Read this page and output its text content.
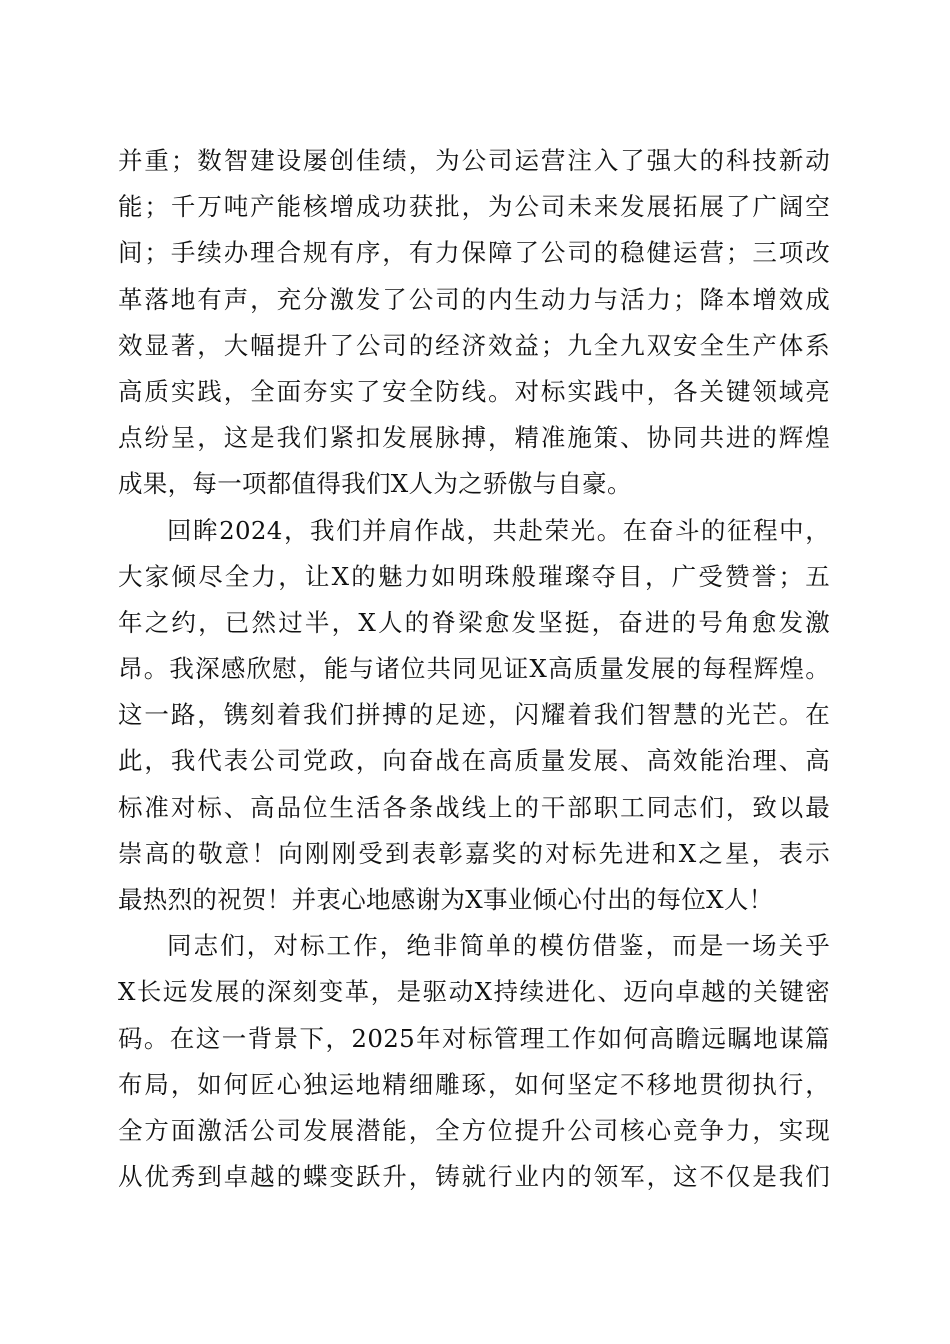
并重；数智建设屡创佳绩，为公司运营注入了强大的科技新动
能；千万吨产能核增成功获批，为公司未来发展拓展了广阔空
间；手续办理合规有序，有力保障了公司的稳健运营；三项改
革落地有声，充分激发了公司的内生动力与活力；降本增效成
效显著，大幅提升了公司的经济效益；九全九双安全生产体系
高质实践，全面夯实了安全防线。对标实践中，各关键领域亮
点纷呈，这是我们紧扣发展脉搏，精准施策、协同共进的辉煌
成果，每一项都值得我们X人为之骄傲与自豪。
回眸2024，我们并肩作战，共赴荣光。在奋斗的征程中，
大家倾尽全力，让X的魅力如明珠般璀璨夺目，广受赞誉；五
年之约，已然过半，X人的脊梁愈发坚挺，奋进的号角愈发激
昂。我深感欣慰，能与诸位共同见证X高质量发展的每程辉煌。
这一路，镌刻着我们拼搏的足迹，闪耀着我们智慧的光芒。在
此，我代表公司党政，向奋战在高质量发展、高效能治理、高
标准对标、高品位生活各条战线上的干部职工同志们，致以最
崇高的敬意！向刚刚受到表彰嘉奖的对标先进和X之星，表示
最热烈的祝贺！并衷心地感谢为X事业倾心付出的每位X人！
同志们，对标工作，绝非简单的模仿借鉴，而是一场关乎
X长远发展的深刻变革，是驱动X持续进化、迈向卓越的关键密
码。在这一背景下，2025年对标管理工作如何高瞻远瞩地谋篇
布局，如何匠心独运地精细雕琢，如何坚定不移地贯彻执行，
全方面激活公司发展潜能，全方位提升公司核心竞争力，实现
从优秀到卓越的蝶变跃升，铸就行业内的领军，这不仅是我们
